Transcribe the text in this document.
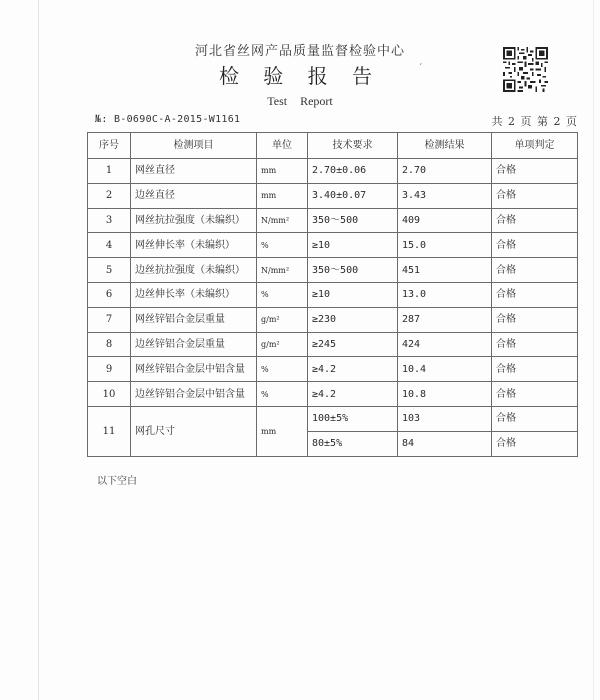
河北省丝网产品质量监督检验中心
检 验 报 告
Test Report
ˊ
№: B-0690C-A-2015-W1161	共 2 页 第 2 页
序号	检测项目	单位	技术要求	检测结果	单项判定
1	网丝直径	mm	2.70±0.06	2.70	合格
2	边丝直径	mm	3.40±0.07	3.43	合格
3	网丝抗拉强度（未编织）	N/mm²	350～500	409	合格
4	网丝伸长率（未编织）	%	≥10	15.0	合格
5	边丝抗拉强度（未编织）	N/mm²	350～500	451	合格
6	边丝伸长率（未编织）	%	≥10	13.0	合格
7	网丝锌铝合金层重量	g/m²	≥230	287	合格
8	边丝锌铝合金层重量	g/m²	≥245	424	合格
9	网丝锌铝合金层中铝含量	%	≥4.2	10.4	合格
10	边丝锌铝合金层中铝含量	%	≥4.2	10.8	合格
11	网孔尺寸	mm	100±5%	103	合格
			80±5%	84	合格
以下空白
